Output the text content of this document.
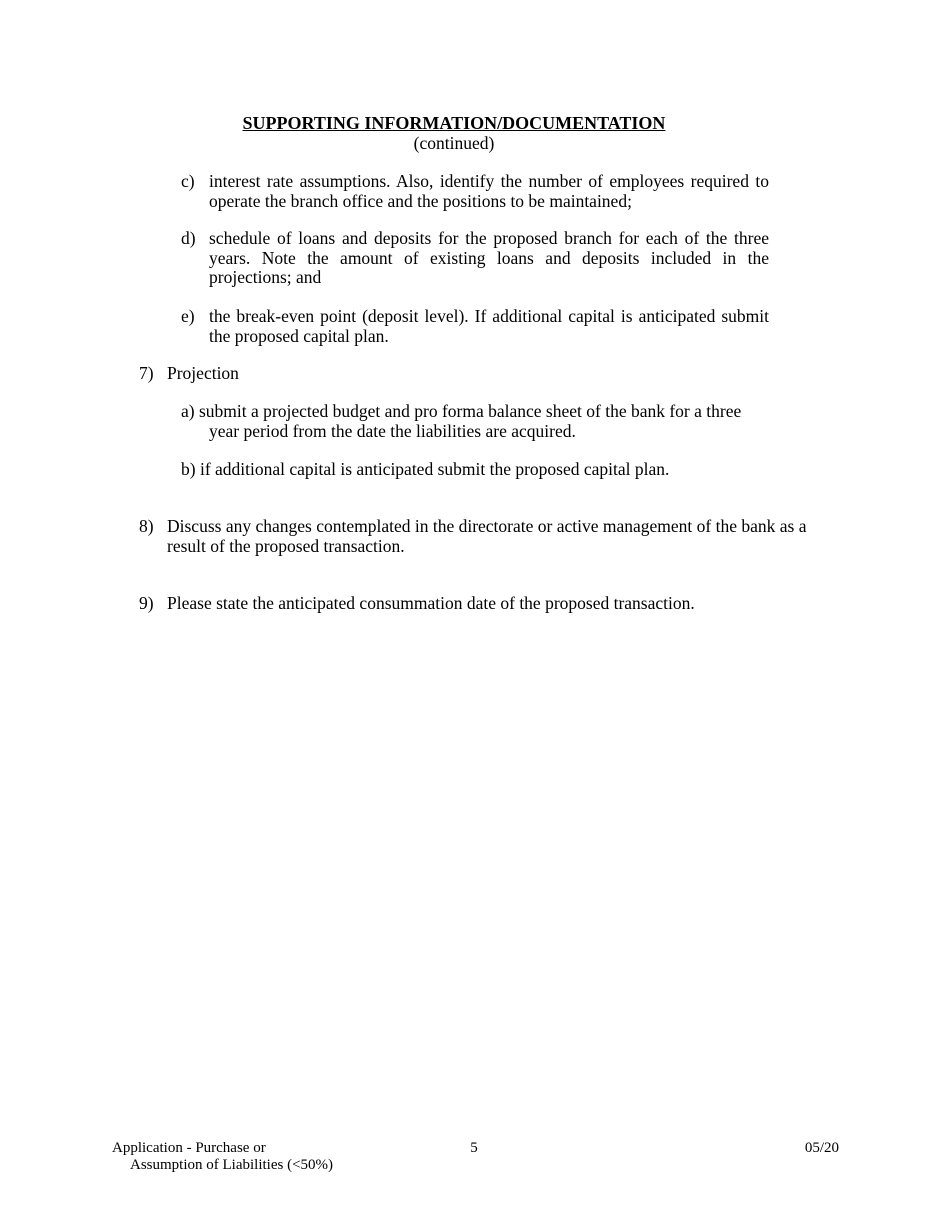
SUPPORTING INFORMATION/DOCUMENTATION
(continued)
c) interest rate assumptions. Also, identify the number of employees required to operate the branch office and the positions to be maintained;
d) schedule of loans and deposits for the proposed branch for each of the three years. Note the amount of existing loans and deposits included in the projections; and
e) the break-even point (deposit level). If additional capital is anticipated submit the proposed capital plan.
7) Projection
a) submit a projected budget and pro forma balance sheet of the bank for a three
year period from the date the liabilities are acquired.
b) if additional capital is anticipated submit the proposed capital plan.
8) Discuss any changes contemplated in the directorate or active management of the bank as a result of the proposed transaction.
9) Please state the anticipated consummation date of the proposed transaction.
Application - Purchase or
Assumption of Liabilities (<50%)
5	05/20
